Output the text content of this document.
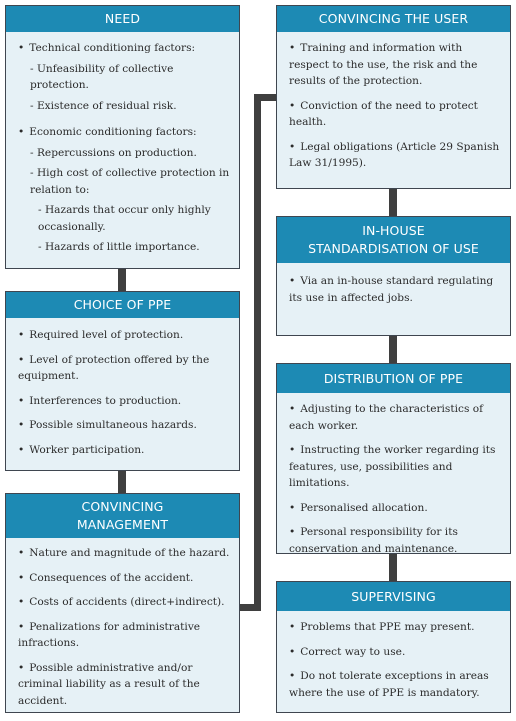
NEED
• Technical conditioning factors:
- Unfeasibility of collective protection.
- Existence of residual risk.
• Economic conditioning factors:
- Repercussions on production.
- High cost of collective protection in relation to:
- Hazards that occur only highly occasionally.
- Hazards of little importance.
CHOICE OF PPE
• Required level of protection.
• Level of protection offered by the equipment.
• Interferences to production.
• Possible simultaneous hazards.
• Worker participation.
CONVINCING MANAGEMENT
• Nature and magnitude of the hazard.
• Consequences of the accident.
• Costs of accidents (direct+indirect).
• Penalizations for administrative infractions.
• Possible administrative and/or criminal liability as a result of the accident.
CONVINCING THE USER
• Training and information with respect to the use, the risk and the results of the protection.
• Conviction of the need to protect health.
• Legal obligations (Article 29 Spanish Law 31/1995).
IN-HOUSE STANDARDISATION OF USE
• Via an in-house standard regulating its use in affected jobs.
DISTRIBUTION OF PPE
• Adjusting to the characteristics of each worker.
• Instructing the worker regarding its features, use, possibilities and limitations.
• Personalised allocation.
• Personal responsibility for its conservation and maintenance.
SUPERVISING
• Problems that PPE may present.
• Correct way to use.
• Do not tolerate exceptions in areas where the use of PPE is mandatory.
